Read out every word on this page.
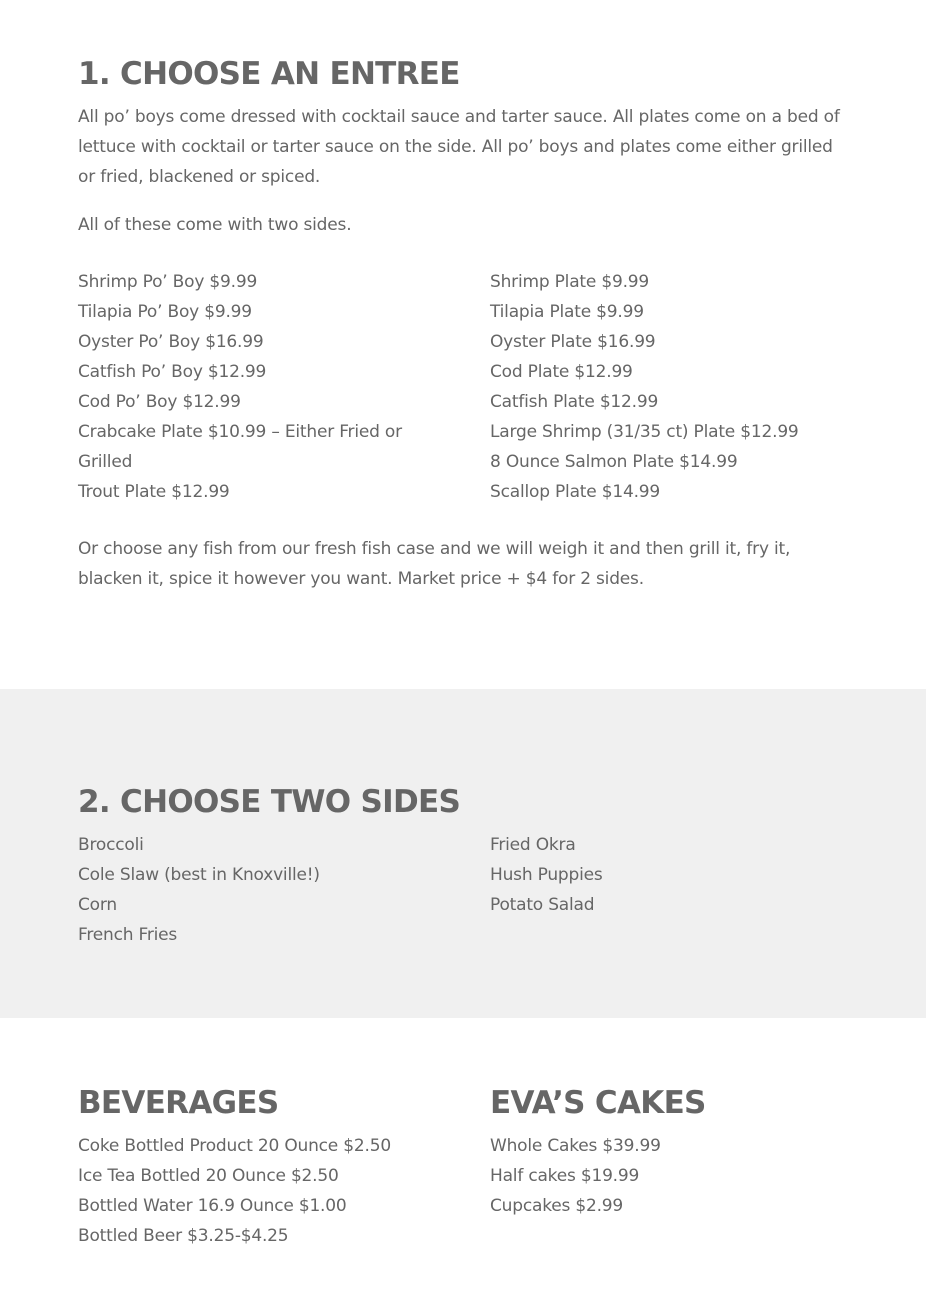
1. CHOOSE AN ENTREE

All po’ boys come dressed with cocktail sauce and tarter sauce. All plates come on a bed of lettuce with cocktail or tarter sauce on the side. All po’ boys and plates come either grilled or fried, blackened or spiced.

All of these come with two sides.

Shrimp Po’ Boy $9.99
Tilapia Po’ Boy $9.99
Oyster Po’ Boy $16.99
Catfish Po’ Boy $12.99
Cod Po’ Boy $12.99
Crabcake Plate $10.99 – Either Fried or Grilled
Trout Plate $12.99
Shrimp Plate $9.99
Tilapia Plate $9.99
Oyster Plate $16.99
Cod Plate $12.99
Catfish Plate $12.99
Large Shrimp (31/35 ct) Plate $12.99
8 Ounce Salmon Plate $14.99
Scallop Plate $14.99

Or choose any fish from our fresh fish case and we will weigh it and then grill it, fry it, blacken it, spice it however you want. Market price + $4 for 2 sides.

2. CHOOSE TWO SIDES
Broccoli
Cole Slaw (best in Knoxville!)
Corn
French Fries
Fried Okra
Hush Puppies
Potato Salad
BEVERAGES
Coke Bottled Product 20 Ounce $2.50
Ice Tea Bottled 20 Ounce $2.50
Bottled Water 16.9 Ounce $1.00
Bottled Beer $3.25-$4.25
EVA’S CAKES
Whole Cakes $39.99
Half cakes $19.99
Cupcakes $2.99
